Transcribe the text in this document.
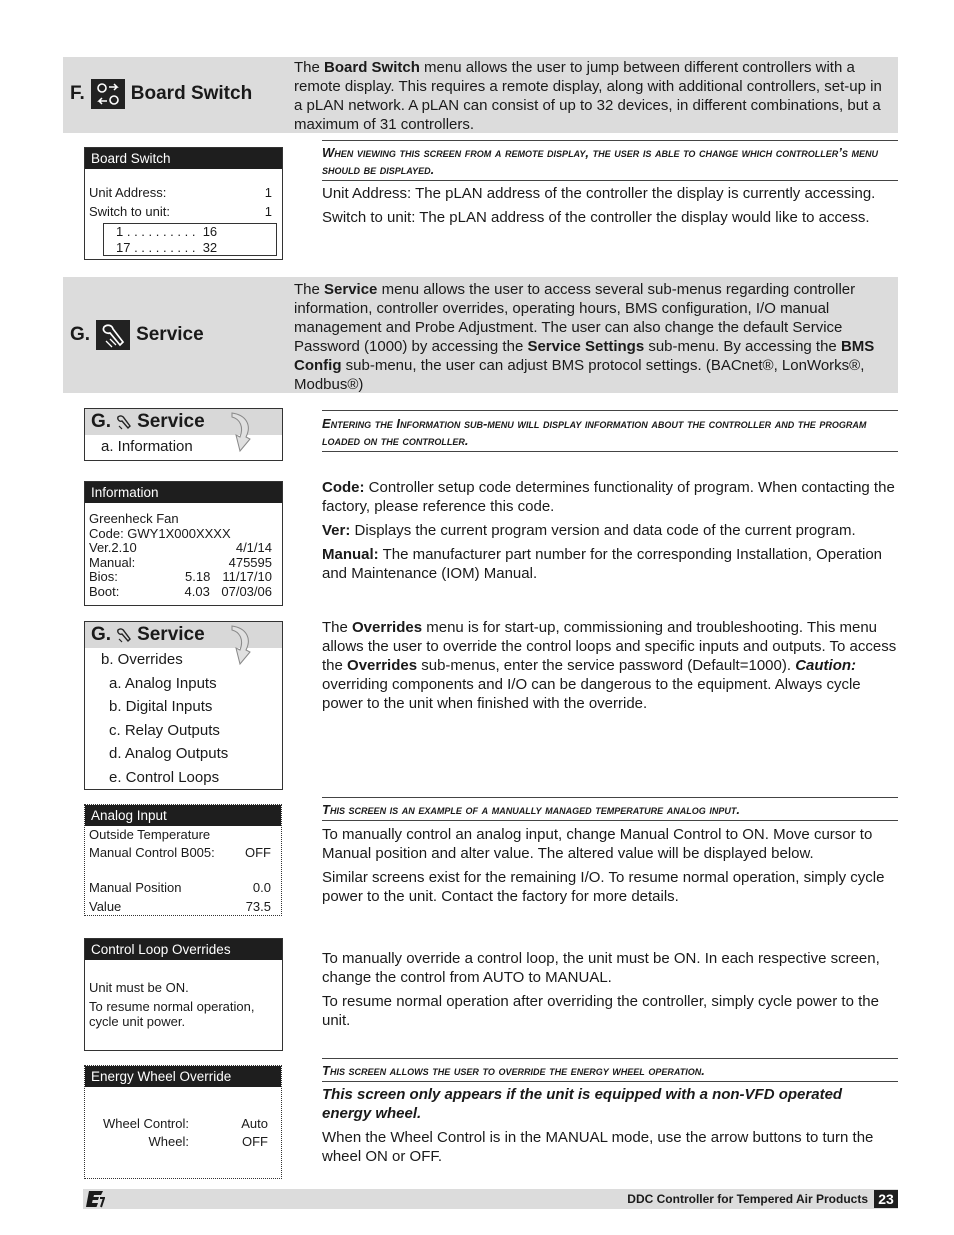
F. Board Switch
The Board Switch menu allows the user to jump between different controllers with a remote display. This requires a remote display, along with additional controllers, set-up in a pLAN network. A pLAN can consist of up to 32 devices, in different combinations, but a maximum of 31 controllers.
Board Switch
Unit Address:	1
Switch to unit:	1
1 . . . . . . . . . .  16
17 . . . . . . . . .  32
When viewing this screen from a remote display, the user is able to change which controller’s menu should be displayed.

Unit Address: The pLAN address of the controller the display is currently accessing.

Switch to unit: The pLAN address of the controller the display would like to access.

G. Service
The Service menu allows the user to access several sub-menus regarding controller information, controller overrides, operating hours, BMS configuration, I/O manual management and Probe Adjustment. The user can also change the default Service Password (1000) by accessing the Service Settings sub-menu. By accessing the BMS Config sub-menu, the user can adjust BMS protocol settings. (BACnet®, LonWorks®, Modbus®)
G. Service
a. Information
Entering the Information sub-menu will display information about the controller and the program loaded on the controller.
Information
Greenheck Fan
Code: GWY1X000XXXX
Ver.2.10	4/1/14
Manual:	475595
Bios:	5.18 11/17/10
Boot:	4.03 07/03/06

Code: Controller setup code determines functionality of program. When contacting the factory, please reference this code.

Ver: Displays the current program version and data code of the current program.

Manual: The manufacturer part number for the corresponding Installation, Operation and Maintenance (IOM) Manual.

G. Service
b. Overrides
a. Analog Inputs
b. Digital Inputs
c. Relay Outputs
d. Analog Outputs
e. Control Loops
The Overrides menu is for start-up, commissioning and troubleshooting. This menu allows the user to override the control loops and specific inputs and outputs. To access the Overrides sub-menus, enter the service password (Default=1000). Caution: overriding components and I/O can be dangerous to the equipment. Always cycle power to the unit when finished with the override.
Analog Input
Outside Temperature
Manual Control B005: OFF
Manual Position	0.0
Value	73.5
This screen is an example of a manually managed temperature analog input.

To manually control an analog input, change Manual Control to ON. Move cursor to Manual position and alter value. The altered value will be displayed below.

Similar screens exist for the remaining I/O. To resume normal operation, simply cycle power to the unit. Contact the factory for more details.

Control Loop Overrides
Unit must be ON.
To resume normal operation, cycle unit power.

To manually override a control loop, the unit must be ON. In each respective screen, change the control from AUTO to MANUAL.

To resume normal operation after overriding the controller, simply cycle power to the unit.

Energy Wheel Override
Wheel Control:	Auto
Wheel:	OFF
This screen allows the user to override the energy wheel operation.

This screen only appears if the unit is equipped with a non-VFD operated energy wheel.

When the Wheel Control is in the MANUAL mode, use the arrow buttons to turn the wheel ON or OFF.

DDC Controller for Tempered Air Products 23
